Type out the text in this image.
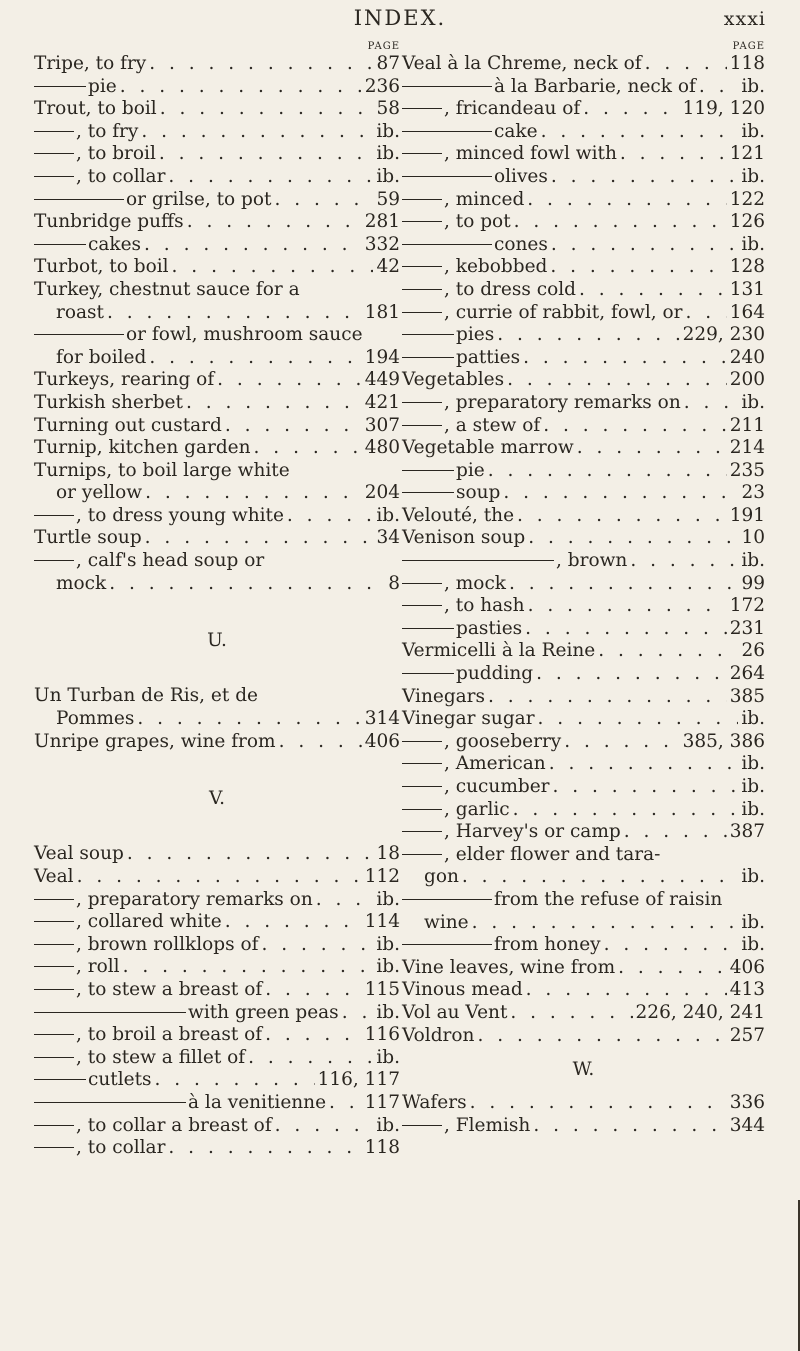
INDEX.	xxxi
PAGE
Tripe, to fry . . .	87
pie . . .	236
Trout, to boil . . .	58
, to fry . . .	ib.
, to broil . . .	ib.
, to collar . . .	ib.
or grilse, to pot . . .	59
Tunbridge puffs . . .	281
cakes . . .	332
Turbot, to boil . . .	42
Turkey, chestnut sauce for a
roast . . .	181
or fowl, mushroom sauce
for boiled . . .	194
Turkeys, rearing of . . .	449
Turkish sherbet . . .	421
Turning out custard . . .	307
Turnip, kitchen garden . . .	480
Turnips, to boil large white
or yellow . . .	204
, to dress young white . . .	ib.
Turtle soup . . .	34
, calf's head soup or
mock . . .	8
U.
Un Turban de Ris, et de
Pommes . . .	314
Unripe grapes, wine from . . .	406
V.
Veal soup . . .	18
Veal . . .	112
, preparatory remarks on . . .	ib.
, collared white . . .	114
, brown rollklops of . . .	ib.
, roll . . .	ib.
, to stew a breast of . . .	115
with green peas . . . ib.
, to broil a breast of . . .	116
, to stew a fillet of . . .	ib.
cutlets . . .	116, 117
à la venitienne . . . 117
, to collar a breast of . . .	ib.
, to collar . . .	118
PAGE
Veal à la Chreme, neck of . . .	118
à la Barbarie, neck of . . . ib.
, fricandeau of . . .	119, 120
cake . . .	ib.
, minced fowl with . . .	121
olives . . .	ib.
, minced . . .	122
, to pot . . .	126
cones . . .	ib.
, kebobbed . . .	128
, to dress cold . . .	131
, currie of rabbit, fowl, or . . .	164
pies . . .	229, 230
patties . . .	240
Vegetables . . .	200
, preparatory remarks on . . .	ib.
, a stew of . . .	211
Vegetable marrow . . .	214
pie . . .	235
soup . . .	23
Velouté, the . . .	191
Venison soup . . .	10
, brown . . .	ib.
, mock . . .	99
, to hash . . .	172
pasties . . .	231
Vermicelli à la Reine . . .	26
pudding . . .	264
Vinegars . . .	385
Vinegar sugar . . .	ib.
, gooseberry . . .	385, 386
, American . . .	ib.
, cucumber . . .	ib.
, garlic . . .	ib.
, Harvey's or camp . . .	387
, elder flower and tara-
gon . . .	ib.
from the refuse of raisin
wine . . .	ib.
from honey . . .	ib.
Vine leaves, wine from . . .	406
Vinous mead . . .	413
Vol au Vent . . .	226, 240, 241
Voldron . . .	257
W.
Wafers . . .	336
, Flemish . . .	344
